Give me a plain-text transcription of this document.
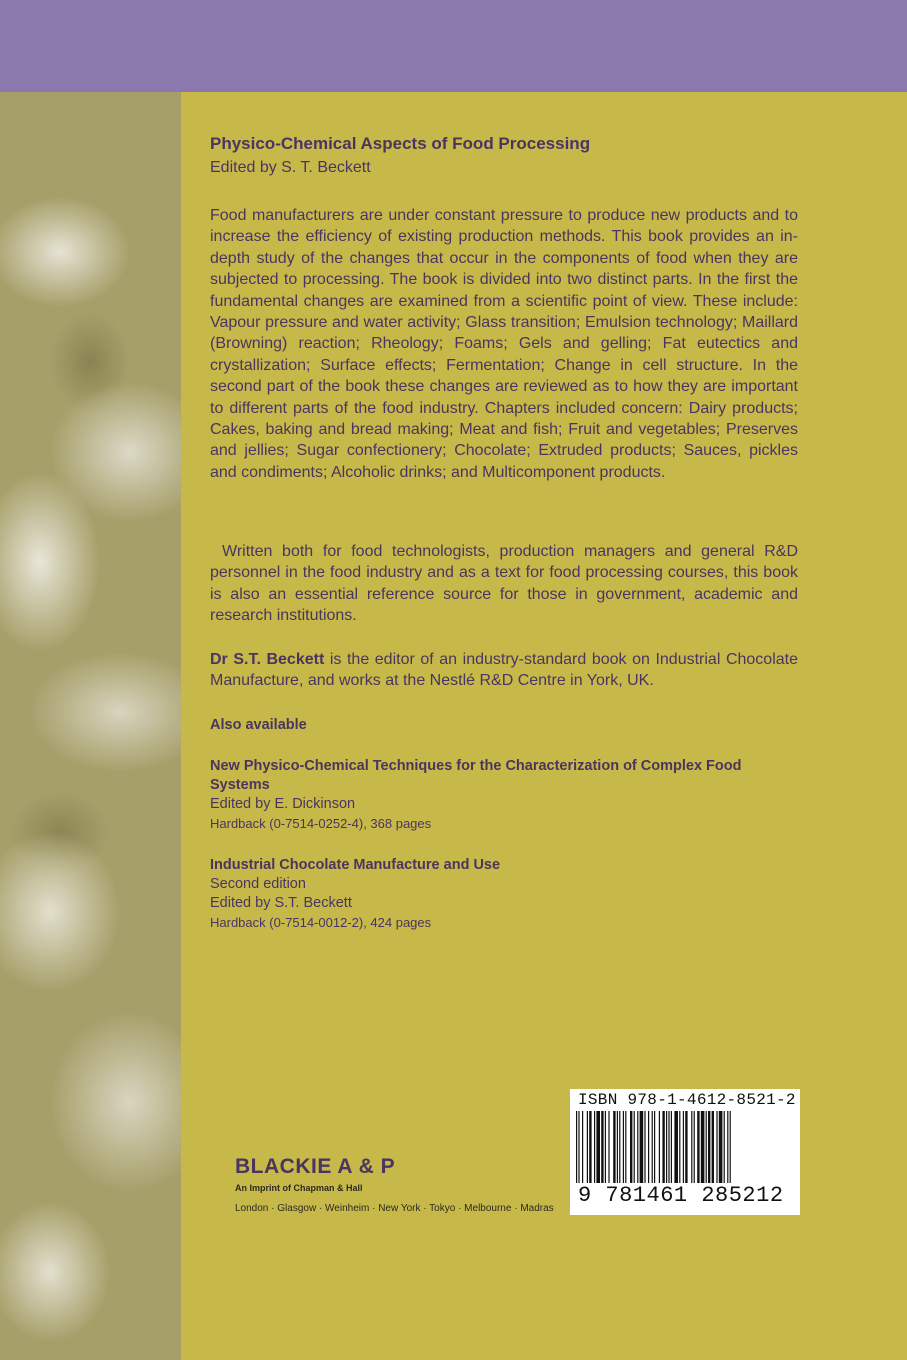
Physico-Chemical Aspects of Food Processing

Edited by S. T. Beckett

Food manufacturers are under constant pressure to produce new products and to increase the efficiency of existing production methods. This book provides an in-depth study of the changes that occur in the components of food when they are subjected to processing. The book is divided into two distinct parts. In the first the fundamental changes are examined from a scientific point of view. These include: Vapour pressure and water activity; Glass transition; Emulsion technology; Maillard (Browning) reaction; Rheology; Foams; Gels and gelling; Fat eutectics and crystallization; Surface effects; Fermentation; Change in cell structure. In the second part of the book these changes are reviewed as to how they are important to different parts of the food industry. Chapters included concern: Dairy products; Cakes, baking and bread making; Meat and fish; Fruit and vegetables; Preserves and jellies; Sugar confectionery; Chocolate; Extruded products; Sauces, pickles and condiments; Alcoholic drinks; and Multicomponent products.

Written both for food technologists, production managers and general R&D personnel in the food industry and as a text for food processing courses, this book is also an essential reference source for those in government, academic and research institutions.

Dr S.T. Beckett is the editor of an industry-standard book on Industrial Chocolate Manufacture, and works at the Nestlé R&D Centre in York, UK.

Also available

New Physico-Chemical Techniques for the Characterization of Complex Food Systems

Edited by E. Dickinson

Hardback (0-7514-0252-4), 368 pages

Industrial Chocolate Manufacture and Use

Second edition

Edited by S.T. Beckett

Hardback (0-7514-0012-2), 424 pages

ISBN 978-1-4612-8521-2

9 781461 285212

BLACKIE A & P

An Imprint of Chapman & Hall

London · Glasgow · Weinheim · New York · Tokyo · Melbourne · Madras
